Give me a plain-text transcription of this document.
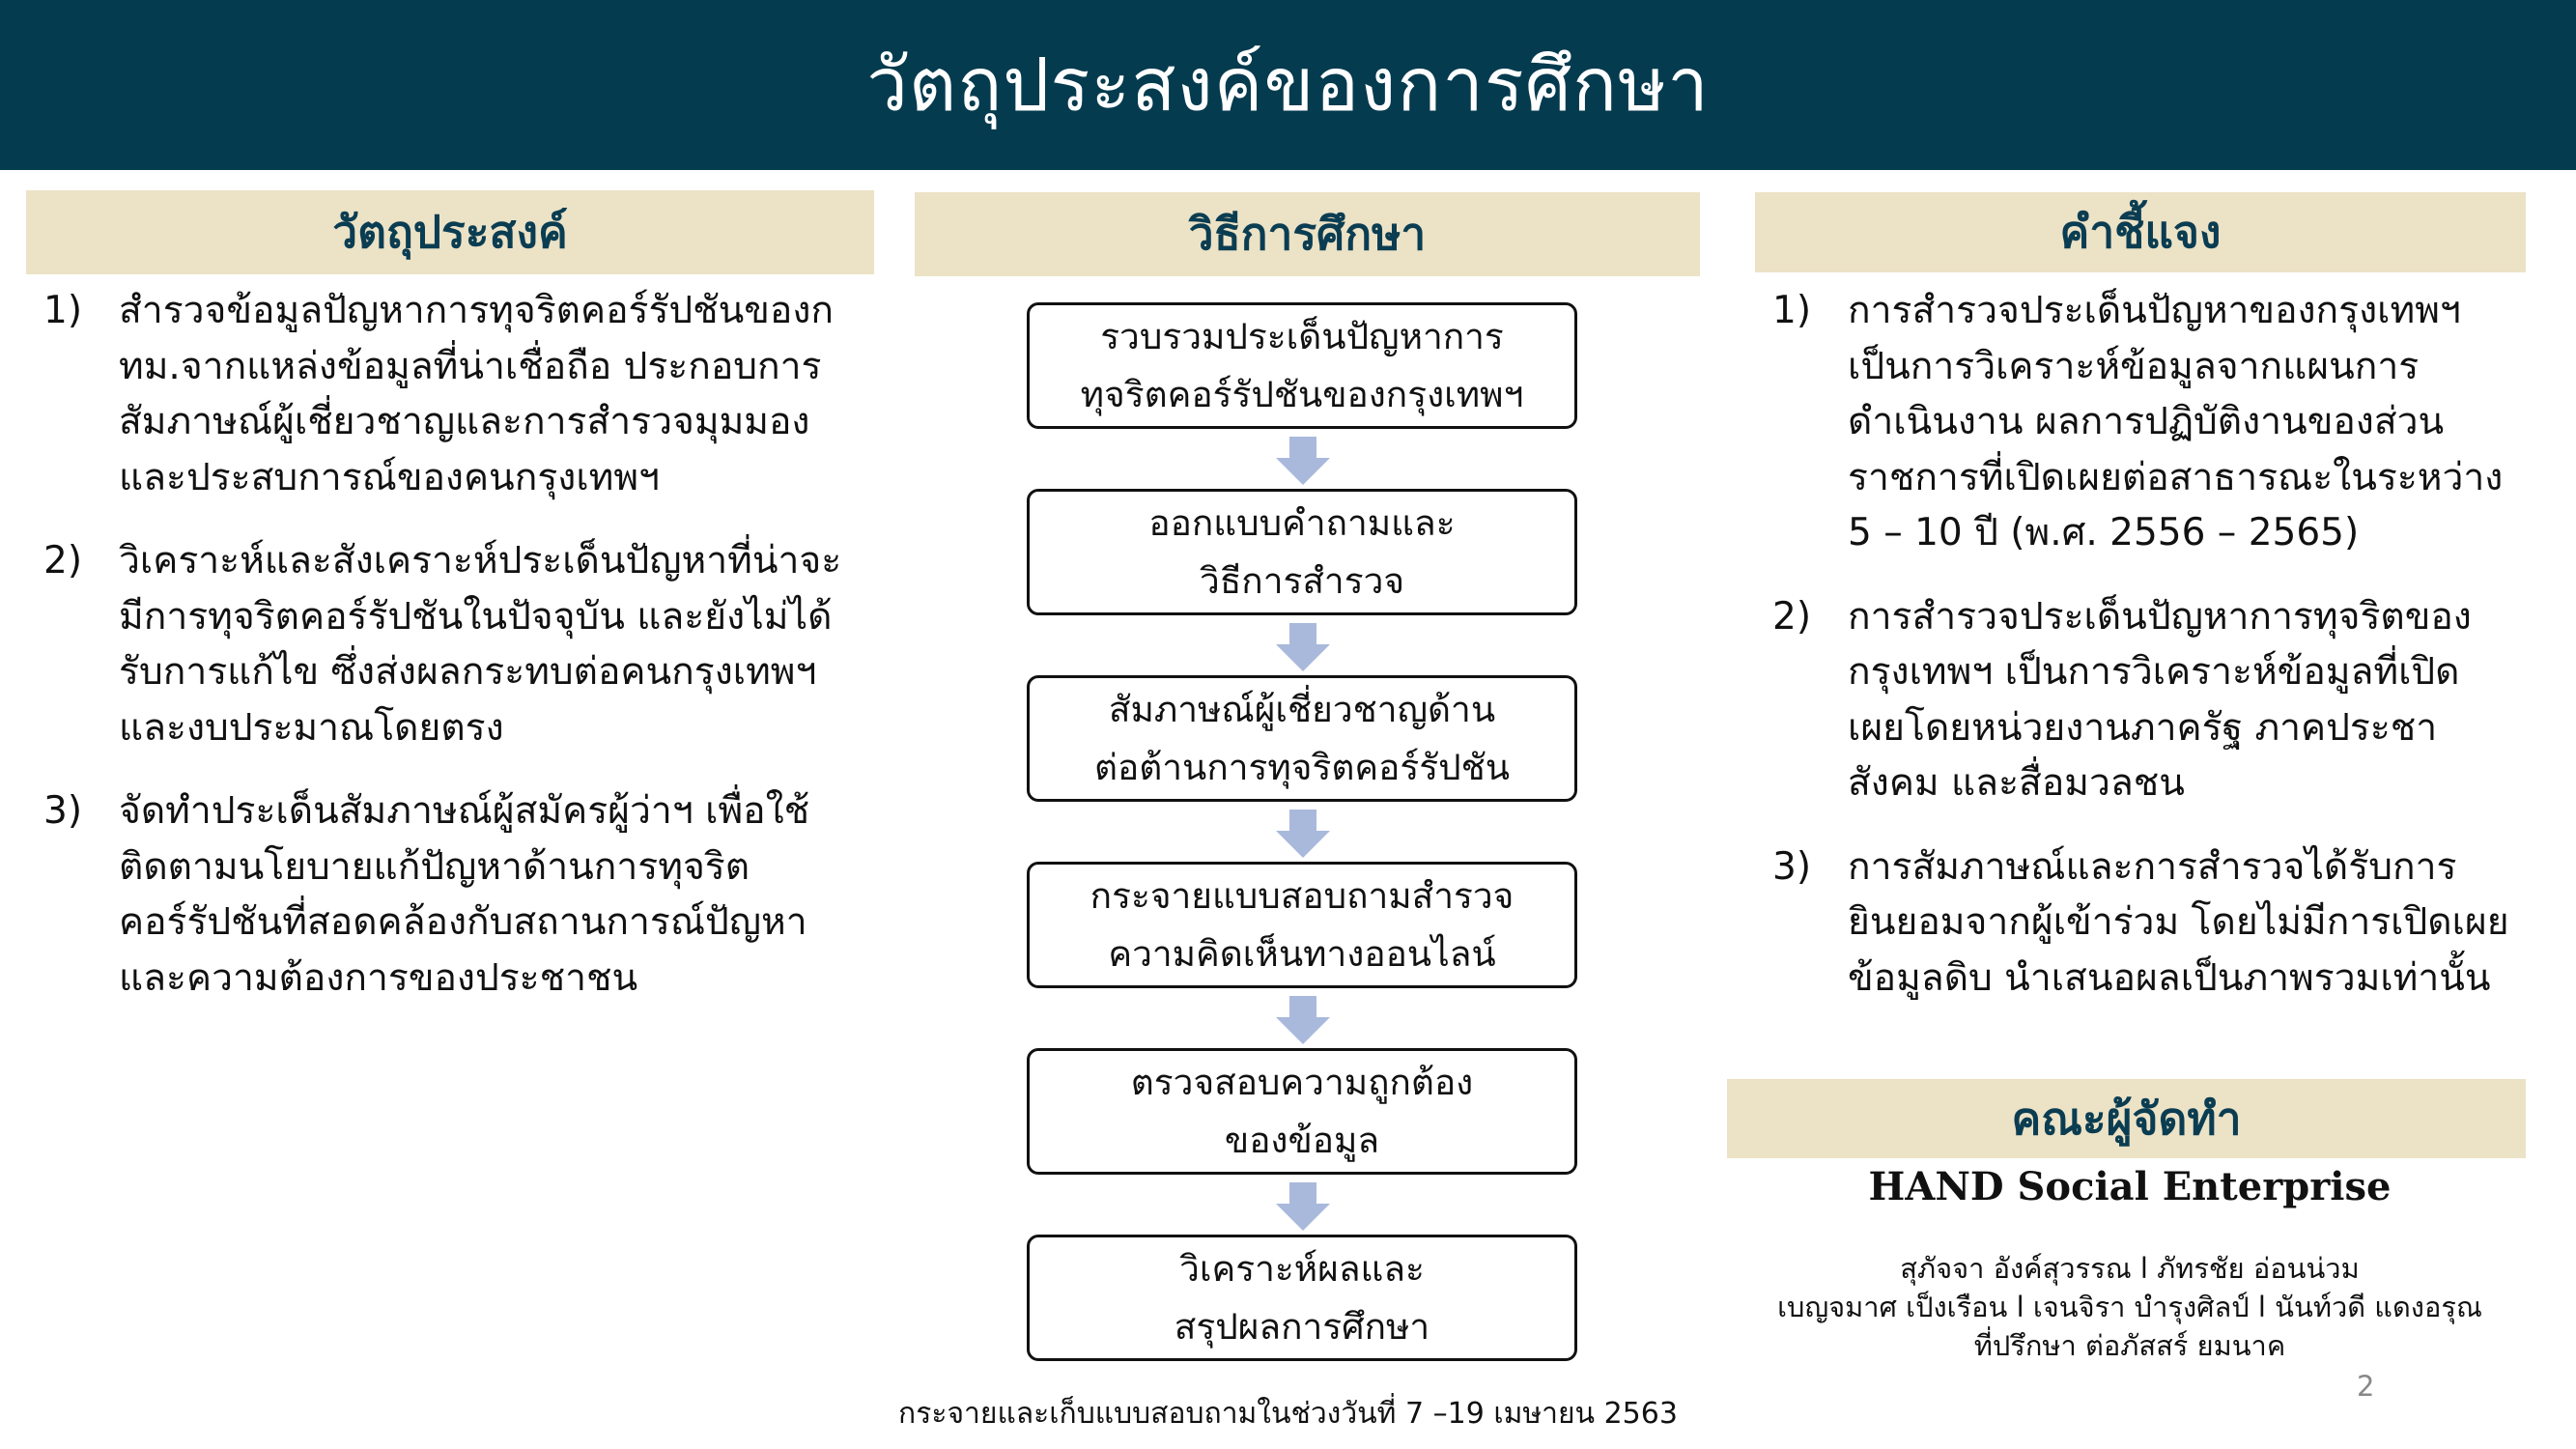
วัตถุประสงค์ของการศึกษา
วัตถุประสงค์
1) สำรวจข้อมูลปัญหาการทุจริตคอร์รัปชันของกทม.จากแหล่งข้อมูลที่น่าเชื่อถือ ประกอบการสัมภาษณ์ผู้เชี่ยวชาญและการสำรวจมุมมองและประสบการณ์ของคนกรุงเทพฯ
2) วิเคราะห์และสังเคราะห์ประเด็นปัญหาที่น่าจะมีการทุจริตคอร์รัปชันในปัจจุบัน และยังไม่ได้รับการแก้ไข ซึ่งส่งผลกระทบต่อคนกรุงเทพฯ และงบประมาณโดยตรง
3) จัดทำประเด็นสัมภาษณ์ผู้สมัครผู้ว่าฯ เพื่อใช้ติดตามนโยบายแก้ปัญหาด้านการทุจริตคอร์รัปชันที่สอดคล้องกับสถานการณ์ปัญหา และความต้องการของประชาชน
วิธีการศึกษา
รวบรวมประเด็นปัญหาการ
ทุจริตคอร์รัปชันของกรุงเทพฯ
ออกแบบคำถามและ
วิธีการสำรวจ
สัมภาษณ์ผู้เชี่ยวชาญด้าน
ต่อต้านการทุจริตคอร์รัปชัน
กระจายแบบสอบถามสำรวจ
ความคิดเห็นทางออนไลน์
ตรวจสอบความถูกต้อง
ของข้อมูล
วิเคราะห์ผลและ
สรุปผลการศึกษา
กระจายและเก็บแบบสอบถามในช่วงวันที่ 7 –19 เมษายน 2563
คำชี้แจง
1) การสำรวจประเด็นปัญหาของกรุงเทพฯ เป็นการวิเคราะห์ข้อมูลจากแผนการดำเนินงาน ผลการปฏิบัติงานของส่วนราชการที่เปิดเผยต่อสาธารณะในระหว่าง 5 – 10 ปี (พ.ศ. 2556 – 2565)
2) การสำรวจประเด็นปัญหาการทุจริตของกรุงเทพฯ เป็นการวิเคราะห์ข้อมูลที่เปิดเผยโดยหน่วยงานภาครัฐ ภาคประชาสังคม และสื่อมวลชน
3) การสัมภาษณ์และการสำรวจได้รับการยินยอมจากผู้เข้าร่วม โดยไม่มีการเปิดเผยข้อมูลดิบ นำเสนอผลเป็นภาพรวมเท่านั้น
คณะผู้จัดทำ
HAND Social Enterprise
สุภัจจา อังค์สุวรรณ l ภัทรชัย อ่อนน่วม
เบญจมาศ เป็งเรือน l เจนจิรา บำรุงศิลป์ l นันท์วดี แดงอรุณ
ที่ปรึกษา ต่อภัสสร์ ยมนาค
2
